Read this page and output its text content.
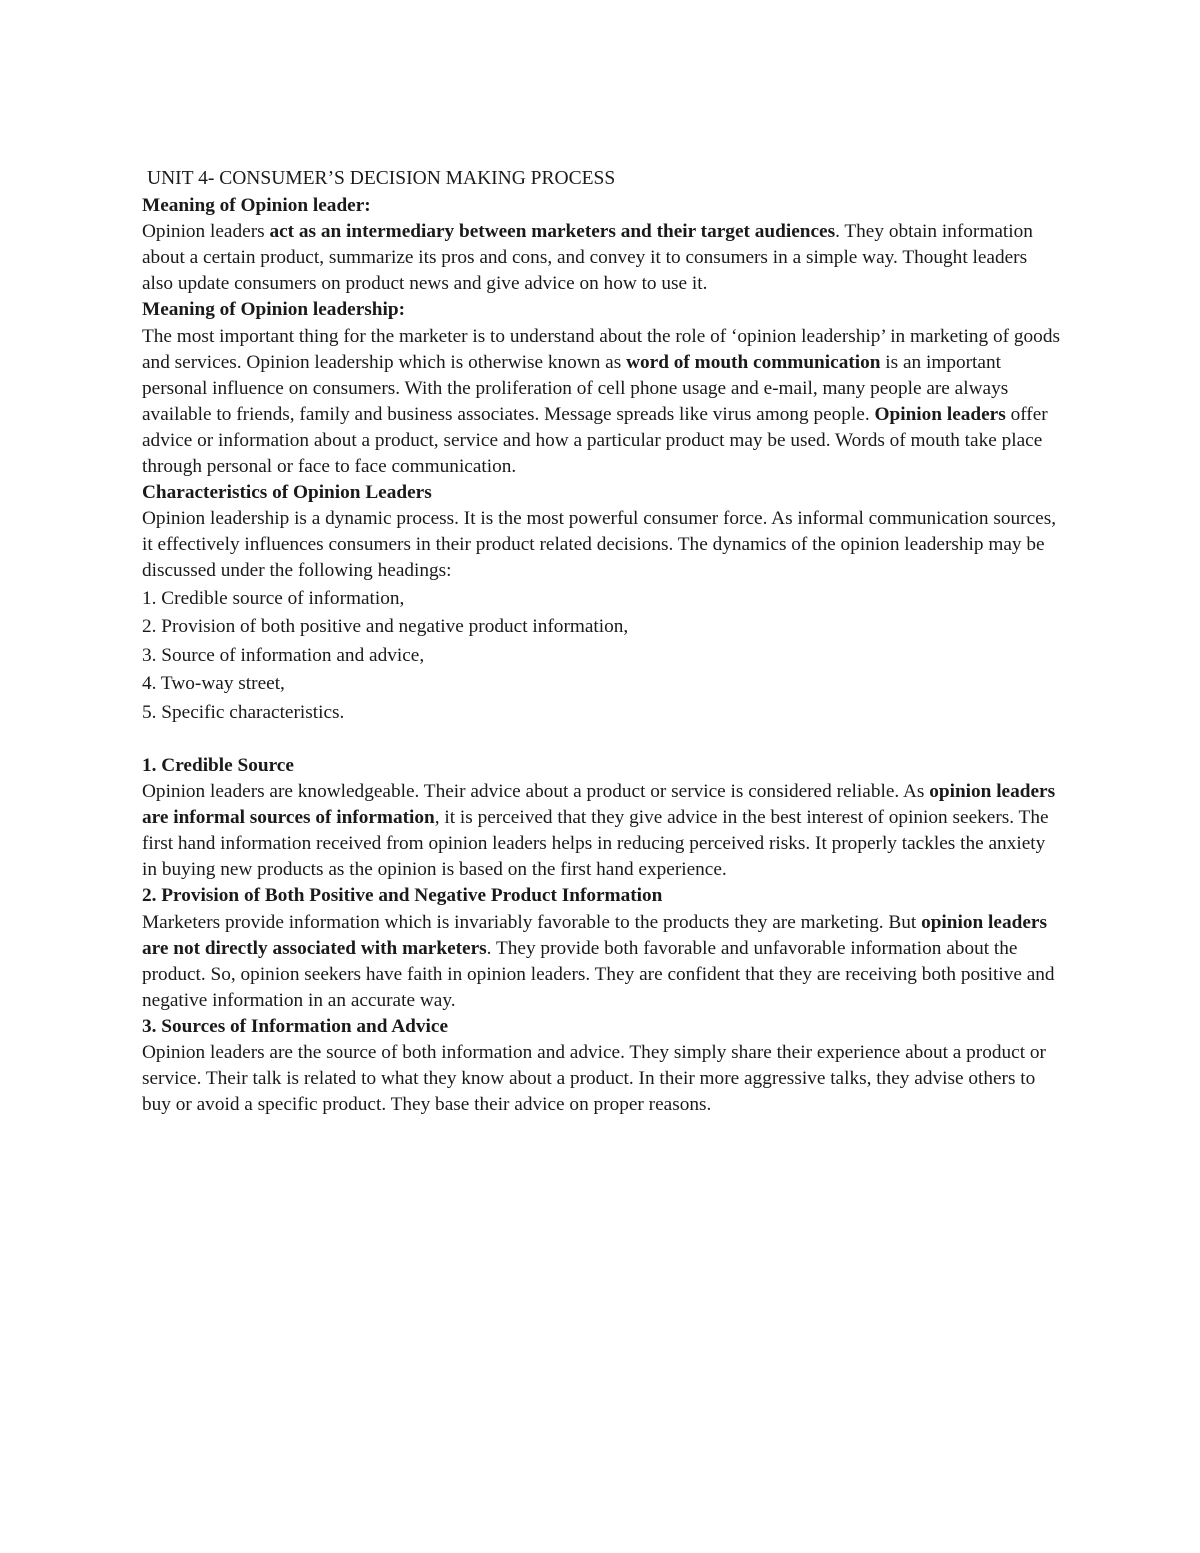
UNIT 4- CONSUMER’S DECISION MAKING PROCESS

Meaning of Opinion leader:

Opinion leaders act as an intermediary between marketers and their target audiences. They obtain information about a certain product, summarize its pros and cons, and convey it to consumers in a simple way. Thought leaders also update consumers on product news and give advice on how to use it.

Meaning of Opinion leadership:

The most important thing for the marketer is to understand about the role of ‘opinion leadership’ in marketing of goods and services. Opinion leadership which is otherwise known as word of mouth communication is an important personal influence on consumers. With the proliferation of cell phone usage and e-mail, many people are always available to friends, family and business associates. Message spreads like virus among people. Opinion leaders offer advice or information about a product, service and how a particular product may be used. Words of mouth take place through personal or face to face communication.

Characteristics of Opinion Leaders

Opinion leadership is a dynamic process. It is the most powerful consumer force. As informal communication sources, it effectively influences consumers in their product related decisions. The dynamics of the opinion leadership may be discussed under the following headings:

1. Credible source of information,
2. Provision of both positive and negative product information,
3. Source of information and advice,
4. Two-way street,
5. Specific characteristics.

1. Credible Source

Opinion leaders are knowledgeable. Their advice about a product or service is considered reliable. As opinion leaders are informal sources of information, it is perceived that they give advice in the best interest of opinion seekers. The first hand information received from opinion leaders helps in reducing perceived risks. It properly tackles the anxiety in buying new products as the opinion is based on the first hand experience.

2. Provision of Both Positive and Negative Product Information

Marketers provide information which is invariably favorable to the products they are marketing. But opinion leaders are not directly associated with marketers. They provide both favorable and unfavorable information about the product. So, opinion seekers have faith in opinion leaders. They are confident that they are receiving both positive and negative information in an accurate way.

3. Sources of Information and Advice

Opinion leaders are the source of both information and advice. They simply share their experience about a product or service. Their talk is related to what they know about a product. In their more aggressive talks, they advise others to buy or avoid a specific product. They base their advice on proper reasons.
